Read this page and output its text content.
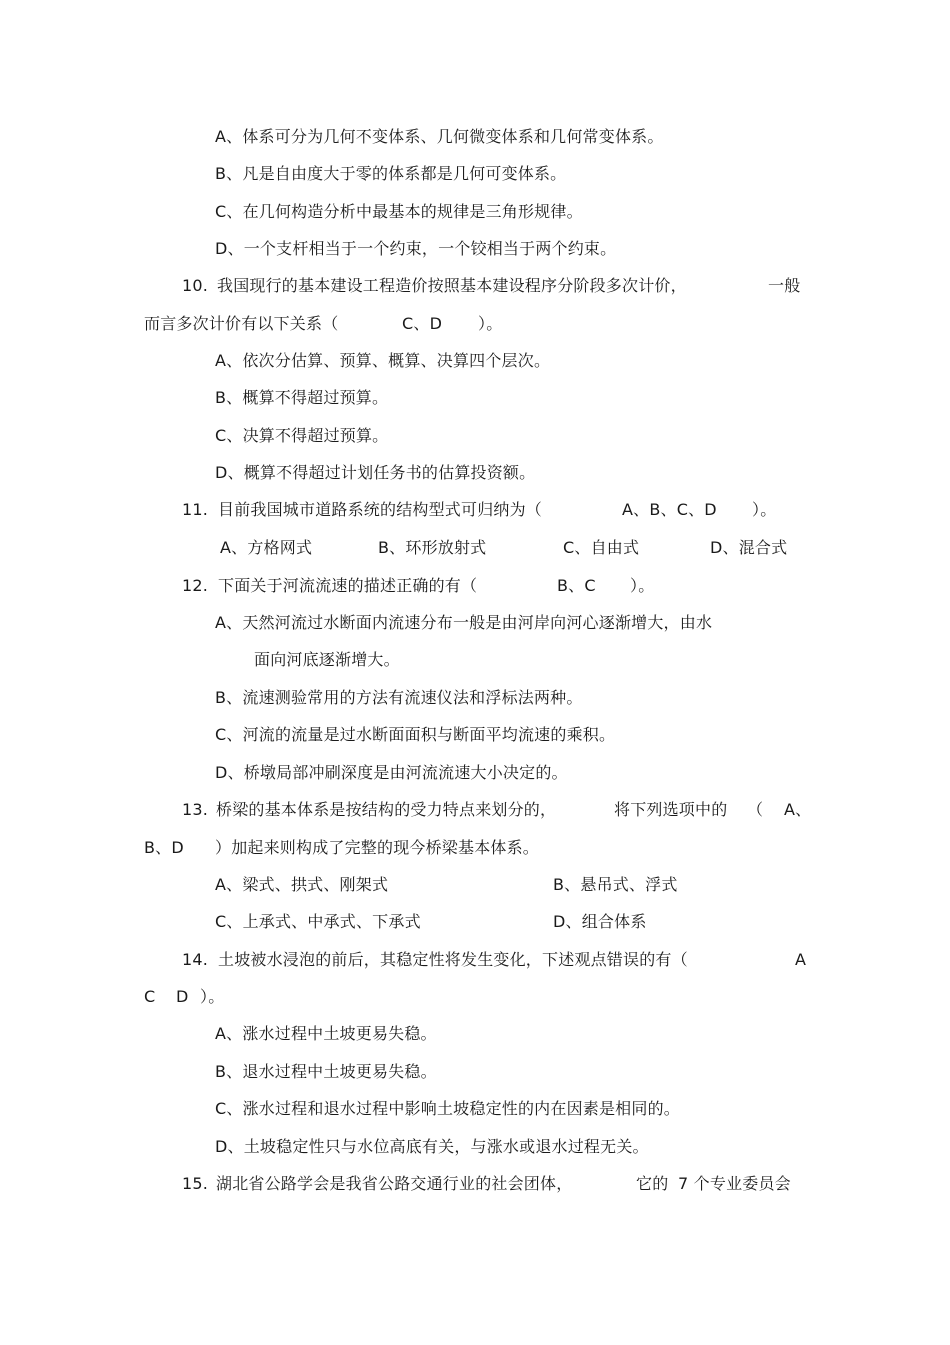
A、体系可分为几何不变体系、几何微变体系和几何常变体系。
B、凡是自由度大于零的体系都是几何可变体系。
C、在几何构造分析中最基本的规律是三角形规律。
D、一个支杆相当于一个约束，一个铰相当于两个约束。
10. 我国现行的基本建设工程造价按照基本建设程序分阶段多次计价，	一般
而言多次计价有以下关系（	C、D ）。
A、依次分估算、预算、概算、决算四个层次。
B、概算不得超过预算。
C、决算不得超过预算。
D、概算不得超过计划任务书的估算投资额。
11. 目前我国城市道路系统的结构型式可归纳为（	A、B、C、D ）。
A、方格网式	B、环形放射式	C、自由式	D、混合式
12. 下面关于河流流速的描述正确的有（	B、C ）。
A、天然河流过水断面内流速分布一般是由河岸向河心逐渐增大，由水
面向河底逐渐增大。
B、流速测验常用的方法有流速仪法和浮标法两种。
C、河流的流量是过水断面面积与断面平均流速的乘积。
D、桥墩局部冲刷深度是由河流流速大小决定的。
13. 桥梁的基本体系是按结构的受力特点来划分的，	将下列选项中的 （ A、
B、D ）加起来则构成了完整的现今桥梁基本体系。
A、梁式、拱式、刚架式	B、悬吊式、浮式
C、上承式、中承式、下承式	D、组合体系
14. 土坡被水浸泡的前后，其稳定性将发生变化，下述观点错误的有（	A
C D ）。
A、涨水过程中土坡更易失稳。
B、退水过程中土坡更易失稳。
C、涨水过程和退水过程中影响土坡稳定性的内在因素是相同的。
D、土坡稳定性只与水位高底有关，与涨水或退水过程无关。
15. 湖北省公路学会是我省公路交通行业的社会团体，	它的 7 个专业委员会
